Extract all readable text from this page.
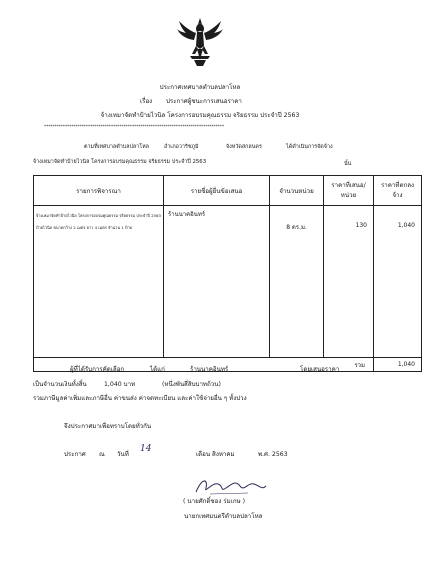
ประกาศเทศบาลตำบลปลาโหล
เรื่อง ประกาศผู้ชนะการเสนอราคา
จ้างเหมาจัดทำป้ายไวนิล โครงการอบรมคุณธรรม จริยธรรม ประจำปี 2563
**************************************************************************************
ตามที่เทศบาลตำบลปลาโหล	อำเภอวาริชภูมิ	จังหวัดสกลนคร	ได้ดำเนินการจัดจ้าง
จ้างเหมาจัดทำป้ายไวนิล โครงการอบรมคุณธรรม จริยธรรม ประจำปี 2563	นั้น
รายการพิจารณา	รายชื่อผู้ยื่นข้อเสนอ	จำนวนหน่วย	ราคาที่เสนอ/หน่วย	ราคาที่ตกลงจ้าง

จ้างเหมาจัดทำป้ายไวนิล โครงการอบรมคุณธรรม จริยธรรม ประจำปี 2563
ป้ายไวนิล ขนาดกว้าง 2 เมตร ยาว 4 เมตร จำนวน 1 ป้าย	ร้านนาคอินทร์	8 ตร.ม.	130	1,040
รวม				1,040
ผู้ที่ได้รับการคัดเลือก	ได้แก่	ร้านนาคอินทร์	โดยเสนอราคา
เป็นจำนวนเงินทั้งสิ้น	1,040 บาท	(หนึ่งพันสี่สิบบาทถ้วน)
รวมภาษีมูลค่าเพิ่มและภาษีอื่น ค่าขนส่ง ค่าจดทะเบียน และค่าใช้จ่ายอื่น ๆ ทั้งปวง
จึงประกาศมาเพื่อทราบโดยทั่วกัน
ประกาศ ณ วันที่
14
เดือน สิงหาคม	พ.ศ. 2563
( นายศักดิ์ชอง ร่มเกษ )
นายกเทศมนตรีตำบลปลาโหล
